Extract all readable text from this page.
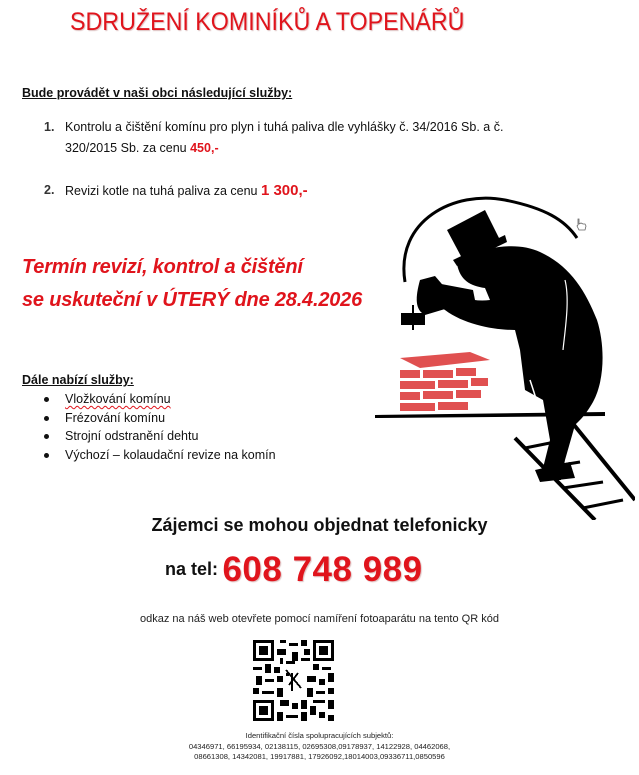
SDRUŽENÍ KOMINÍKŮ A TOPENÁŘŮ
Bude provádět v naši obci následující služby:
1. Kontrolu a čištění komínu pro plyn i tuhá paliva dle vyhlášky č. 34/2016 Sb. a č.
320/2015 Sb. za cenu 450,-
2. Revizi kotle na tuhá paliva za cenu 1 300,-
Termín revizí, kontrol a čištění
se uskuteční v ÚTERÝ dne 28.4.2026
Dále nabízí služby:
Vložkování komínu
Frézování komínu
Strojní odstranění dehtu
Výchozí – kolaudační revize na komín
Zájemci se mohou objednat telefonicky
na tel: 608 748 989
odkaz na náš web otevřete pomocí namíření fotoaparátu na tento QR kód
Identifikační čísla spolupracujících subjektů:
04346971, 66195934, 02138115, 02695308,09178937, 14122928, 04462068,
08661308, 14342081, 19917881, 17926092,18014003,09336711,0850596
